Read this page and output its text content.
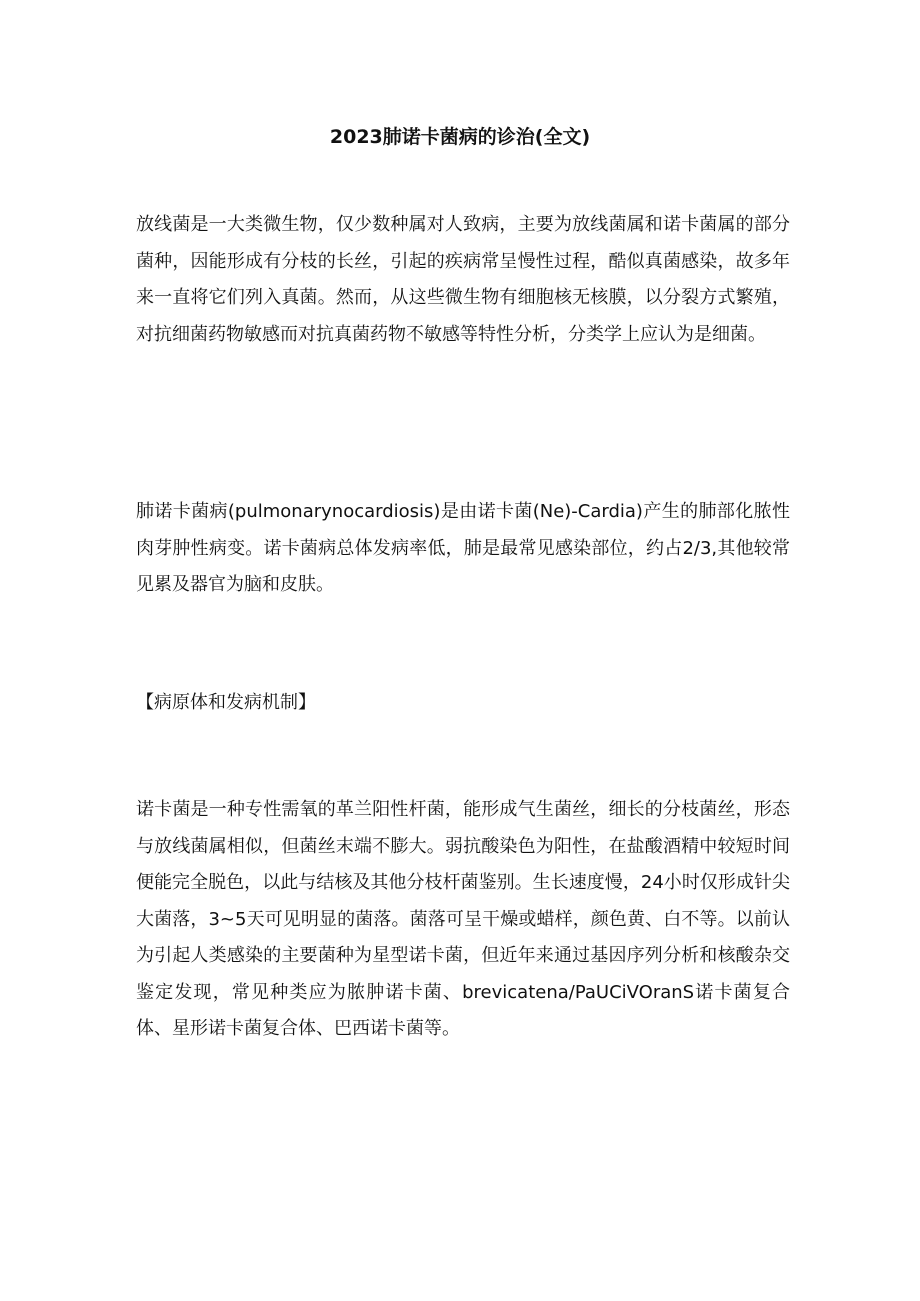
2023肺诺卡菌病的诊治(全文)

放线菌是一大类微生物，仅少数种属对人致病，主要为放线菌属和诺卡菌属的部分菌种，因能形成有分枝的长丝，引起的疾病常呈慢性过程，酷似真菌感染，故多年来一直将它们列入真菌。然而，从这些微生物有细胞核无核膜，以分裂方式繁殖，对抗细菌药物敏感而对抗真菌药物不敏感等特性分析，分类学上应认为是细菌。

肺诺卡菌病(pulmonarynocardiosis)是由诺卡菌(Ne)-Cardia)产生的肺部化脓性肉芽肿性病变。诺卡菌病总体发病率低，肺是最常见感染部位，约占2/3,其他较常见累及器官为脑和皮肤。

【病原体和发病机制】

诺卡菌是一种专性需氧的革兰阳性杆菌，能形成气生菌丝，细长的分枝菌丝，形态与放线菌属相似，但菌丝末端不膨大。弱抗酸染色为阳性，在盐酸酒精中较短时间便能完全脱色，以此与结核及其他分枝杆菌鉴别。生长速度慢，24小时仅形成针尖大菌落，3~5天可见明显的菌落。菌落可呈干燥或蜡样，颜色黄、白不等。以前认为引起人类感染的主要菌种为星型诺卡菌，但近年来通过基因序列分析和核酸杂交鉴定发现，常见种类应为脓肿诺卡菌、brevicatena/PaUCiVOranS诺卡菌复合体、星形诺卡菌复合体、巴西诺卡菌等。
